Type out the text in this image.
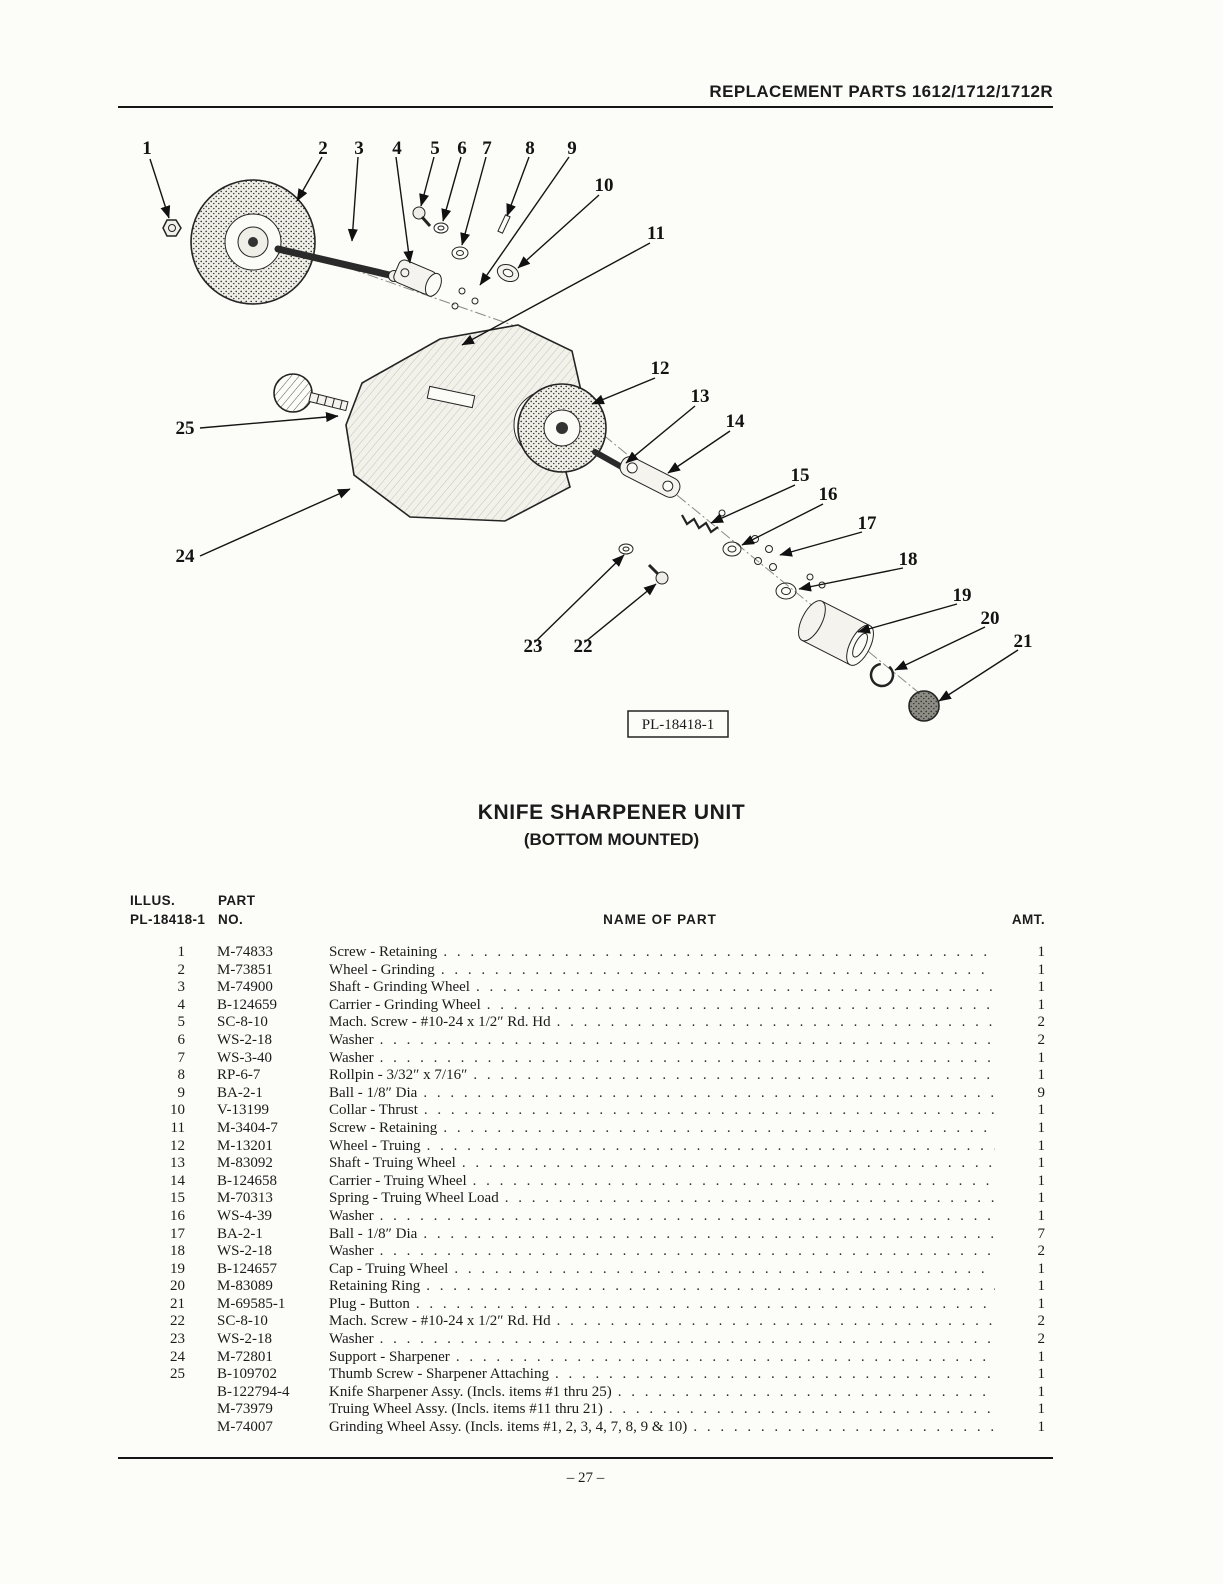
REPLACEMENT PARTS 1612/1712/1712R
1	2 3 4 5 6 7 8 9
10
11
12
13
14
15
16
17
18
19
20
21
22
23
24
25
PL-18418-1
KNIFE SHARPENER UNIT
(BOTTOM MOUNTED)
ILLUS.	PART
PL-18418-1 NO.	NAME OF PART	AMT.
1 M-74833	Screw - Retaining . . .	1
2 M-73851	Wheel - Grinding . . .	1
3 M-74900	Shaft - Grinding Wheel . . .	1
4 B-124659	Carrier - Grinding Wheel . . .	1
5 SC-8-10	Mach. Screw - #10-24 x 1/2″ Rd. Hd . . .	2
6 WS-2-18	Washer . . .	2
7 WS-3-40	Washer . . .	1
8 RP-6-7	Rollpin - 3/32″ x 7/16″ . . .	1
9 BA-2-1	Ball - 1/8″ Dia . . .	9
10 V-13199	Collar - Thrust . . .	1
11 M-3404-7	Screw - Retaining . . .	1
12 M-13201	Wheel - Truing . . .	1
13 M-83092	Shaft - Truing Wheel . . .	1
14 B-124658	Carrier - Truing Wheel . . .	1
15 M-70313	Spring - Truing Wheel Load . . .	1
16 WS-4-39	Washer . . .	1
17 BA-2-1	Ball - 1/8″ Dia . . .	7
18 WS-2-18	Washer . . .	2
19 B-124657	Cap - Truing Wheel . . .	1
20 M-83089	Retaining Ring . . .	1
21 M-69585-1	Plug - Button . . .	1
22 SC-8-10	Mach. Screw - #10-24 x 1/2″ Rd. Hd . . .	2
23 WS-2-18	Washer . . .	2
24 M-72801	Support - Sharpener . . .	1
25 B-109702	Thumb Screw - Sharpener Attaching . . .	1
B-122794-4	Knife Sharpener Assy. (Incls. items #1 thru 25) . . .	1
M-73979	Truing Wheel Assy. (Incls. items #11 thru 21) . . .	1
M-74007	Grinding Wheel Assy. (Incls. items #1, 2, 3, 4, 7, 8, 9 & 10) . . .	1
– 27 –
